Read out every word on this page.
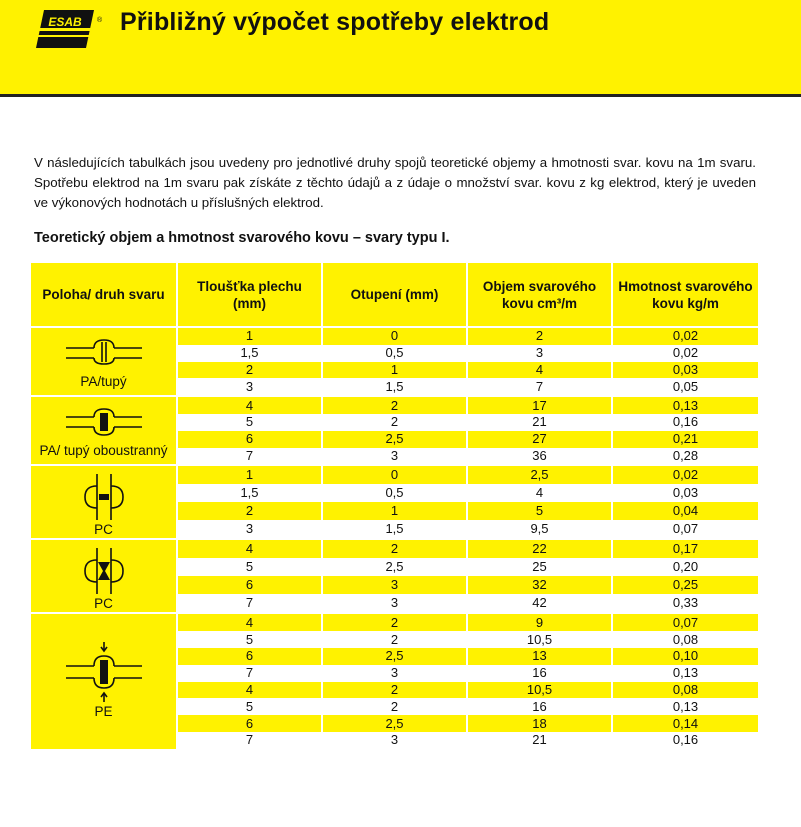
ESAB ® Přibližný výpočet spotřeby elektrod
V následujících tabulkách jsou uvedeny pro jednotlivé druhy spojů teoretické objemy a hmotnosti svar. kovu na 1m svaru. Spotřebu elektrod na 1m svaru pak získáte z těchto údajů a z údaje o množství svar. kovu z kg elektrod, který je uveden ve výkonových hodnotách u příslušných elektrod.
Teoretický objem a hmotnost svarového kovu – svary typu I.
Poloha/ druh svaru	Tloušťka plechu (mm)	Otupení (mm)	Objem svarového kovu cm³/m	Hmotnost svarového kovu kg/m

PA/tupý	1	0	2	0,02
	1,5	0,5	3	0,02
	2	1	4	0,03
	3	1,5	7	0,05

PA/ tupý oboustranný	4	2	17	0,13
	5	2	21	0,16
	6	2,5	27	0,21
	7	3	36	0,28

PC	1	0	2,5	0,02
	1,5	0,5	4	0,03
	2	1	5	0,04
	3	1,5	9,5	0,07

PC	4	2	22	0,17
	5	2,5	25	0,20
	6	3	32	0,25
	7	3	42	0,33

PE	4	2	9	0,07
	5	2	10,5	0,08
	6	2,5	13	0,10
	7	3	16	0,13
	4	2	10,5	0,08
	5	2	16	0,13
	6	2,5	18	0,14
	7	3	21	0,16
